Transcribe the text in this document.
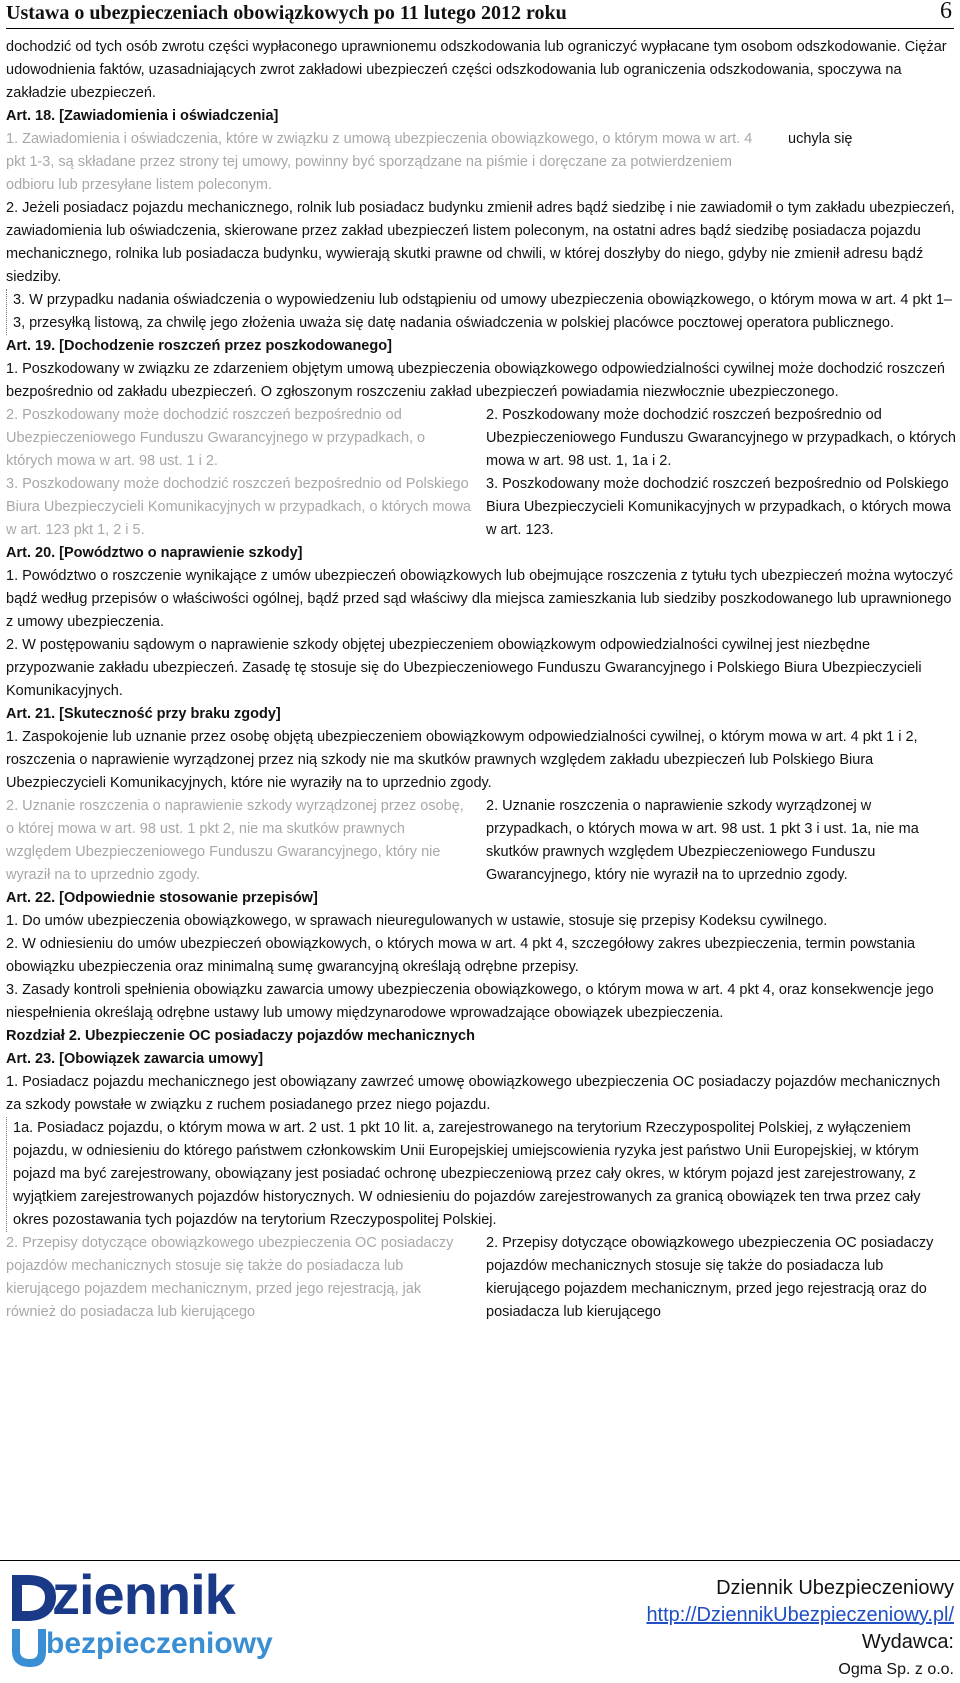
Ustawa o ubezpieczeniach obowiązkowych po 11 lutego 2012 roku	6

dochodzić od tych osób zwrotu części wypłaconego uprawnionemu odszkodowania lub ograniczyć wypłacane tym osobom odszkodowanie. Ciężar udowodnienia faktów, uzasadniających zwrot zakładowi ubezpieczeń części odszkodowania lub ograniczenia odszkodowania, spoczywa na zakładzie ubezpieczeń.

Art. 18. [Zawiadomienia i oświadczenia]

1. Zawiadomienia i oświadczenia, które w związku z umową ubezpieczenia obowiązkowego, o którym mowa w art. 4 pkt 1-3, są składane przez strony tej umowy, powinny być sporządzane na piśmie i doręczane za potwierdzeniem odbioru lub przesyłane listem poleconym.

uchyla się

2. Jeżeli posiadacz pojazdu mechanicznego, rolnik lub posiadacz budynku zmienił adres bądź siedzibę i nie zawiadomił o tym zakładu ubezpieczeń, zawiadomienia lub oświadczenia, skierowane przez zakład ubezpieczeń listem poleconym, na ostatni adres bądź siedzibę posiadacza pojazdu mechanicznego, rolnika lub posiadacza budynku, wywierają skutki prawne od chwili, w której doszłyby do niego, gdyby nie zmienił adresu bądź siedziby.

3. W przypadku nadania oświadczenia o wypowiedzeniu lub odstąpieniu od umowy ubezpieczenia obowiązkowego, o którym mowa w art. 4 pkt 1–3, przesyłką listową, za chwilę jego złożenia uważa się datę nadania oświadczenia w polskiej placówce pocztowej operatora publicznego.

Art. 19. [Dochodzenie roszczeń przez poszkodowanego]

1. Poszkodowany w związku ze zdarzeniem objętym umową ubezpieczenia obowiązkowego odpowiedzialności cywilnej może dochodzić roszczeń bezpośrednio od zakładu ubezpieczeń. O zgłoszonym roszczeniu zakład ubezpieczeń powiadamia niezwłocznie ubezpieczonego.

2. Poszkodowany może dochodzić roszczeń bezpośrednio od Ubezpieczeniowego Funduszu Gwarancyjnego w przypadkach, o których mowa w art. 98 ust. 1 i 2.

2. Poszkodowany może dochodzić roszczeń bezpośrednio od Ubezpieczeniowego Funduszu Gwarancyjnego w przypadkach, o których mowa w art. 98 ust. 1, 1a i 2.

3. Poszkodowany może dochodzić roszczeń bezpośrednio od Polskiego Biura Ubezpieczycieli Komunikacyjnych w przypadkach, o których mowa w art. 123 pkt 1, 2 i 5.

3. Poszkodowany może dochodzić roszczeń bezpośrednio od Polskiego Biura Ubezpieczycieli Komunikacyjnych w przypadkach, o których mowa w art. 123.

Art. 20. [Powództwo o naprawienie szkody]

1. Powództwo o roszczenie wynikające z umów ubezpieczeń obowiązkowych lub obejmujące roszczenia z tytułu tych ubezpieczeń można wytoczyć bądź według przepisów o właściwości ogólnej, bądź przed sąd właściwy dla miejsca zamieszkania lub siedziby poszkodowanego lub uprawnionego z umowy ubezpieczenia.

2. W postępowaniu sądowym o naprawienie szkody objętej ubezpieczeniem obowiązkowym odpowiedzialności cywilnej jest niezbędne przypozwanie zakładu ubezpieczeń. Zasadę tę stosuje się do Ubezpieczeniowego Funduszu Gwarancyjnego i Polskiego Biura Ubezpieczycieli Komunikacyjnych.

Art. 21. [Skuteczność przy braku zgody]

1. Zaspokojenie lub uznanie przez osobę objętą ubezpieczeniem obowiązkowym odpowiedzialności cywilnej, o którym mowa w art. 4 pkt 1 i 2, roszczenia o naprawienie wyrządzonej przez nią szkody nie ma skutków prawnych względem zakładu ubezpieczeń lub Polskiego Biura Ubezpieczycieli Komunikacyjnych, które nie wyraziły na to uprzednio zgody.

2. Uznanie roszczenia o naprawienie szkody wyrządzonej przez osobę, o której mowa w art. 98 ust. 1 pkt 2, nie ma skutków prawnych względem Ubezpieczeniowego Funduszu Gwarancyjnego, który nie wyraził na to uprzednio zgody.

2. Uznanie roszczenia o naprawienie szkody wyrządzonej w przypadkach, o których mowa w art. 98 ust. 1 pkt 3 i ust. 1a, nie ma skutków prawnych względem Ubezpieczeniowego Funduszu Gwarancyjnego, który nie wyraził na to uprzednio zgody.

Art. 22. [Odpowiednie stosowanie przepisów]

1. Do umów ubezpieczenia obowiązkowego, w sprawach nieuregulowanych w ustawie, stosuje się przepisy Kodeksu cywilnego.

2. W odniesieniu do umów ubezpieczeń obowiązkowych, o których mowa w art. 4 pkt 4, szczegółowy zakres ubezpieczenia, termin powstania obowiązku ubezpieczenia oraz minimalną sumę gwarancyjną określają odrębne przepisy.

3. Zasady kontroli spełnienia obowiązku zawarcia umowy ubezpieczenia obowiązkowego, o którym mowa w art. 4 pkt 4, oraz konsekwencje jego niespełnienia określają odrębne ustawy lub umowy międzynarodowe wprowadzające obowiązek ubezpieczenia.

Rozdział 2. Ubezpieczenie OC posiadaczy pojazdów mechanicznych

Art. 23. [Obowiązek zawarcia umowy]

1. Posiadacz pojazdu mechanicznego jest obowiązany zawrzeć umowę obowiązkowego ubezpieczenia OC posiadaczy pojazdów mechanicznych za szkody powstałe w związku z ruchem posiadanego przez niego pojazdu.

1a. Posiadacz pojazdu, o którym mowa w art. 2 ust. 1 pkt 10 lit. a, zarejestrowanego na terytorium Rzeczypospolitej Polskiej, z wyłączeniem pojazdu, w odniesieniu do którego państwem członkowskim Unii Europejskiej umiejscowienia ryzyka jest państwo Unii Europejskiej, w którym pojazd ma być zarejestrowany, obowiązany jest posiadać ochronę ubezpieczeniową przez cały okres, w którym pojazd jest zarejestrowany, z wyjątkiem zarejestrowanych pojazdów historycznych. W odniesieniu do pojazdów zarejestrowanych za granicą obowiązek ten trwa przez cały okres pozostawania tych pojazdów na terytorium Rzeczypospolitej Polskiej.

2. Przepisy dotyczące obowiązkowego ubezpieczenia OC posiadaczy pojazdów mechanicznych stosuje się także do posiadacza lub kierującego pojazdem mechanicznym, przed jego rejestracją, jak również do posiadacza lub kierującego

2. Przepisy dotyczące obowiązkowego ubezpieczenia OC posiadaczy pojazdów mechanicznych stosuje się także do posiadacza lub kierującego pojazdem mechanicznym, przed jego rejestracją oraz do posiadacza lub kierującego

ziennik
bezpieczeniowy
Dziennik Ubezpieczeniowy
http://DziennikUbezpieczeniowy.pl/
Wydawca:
Ogma Sp. z o.o.
